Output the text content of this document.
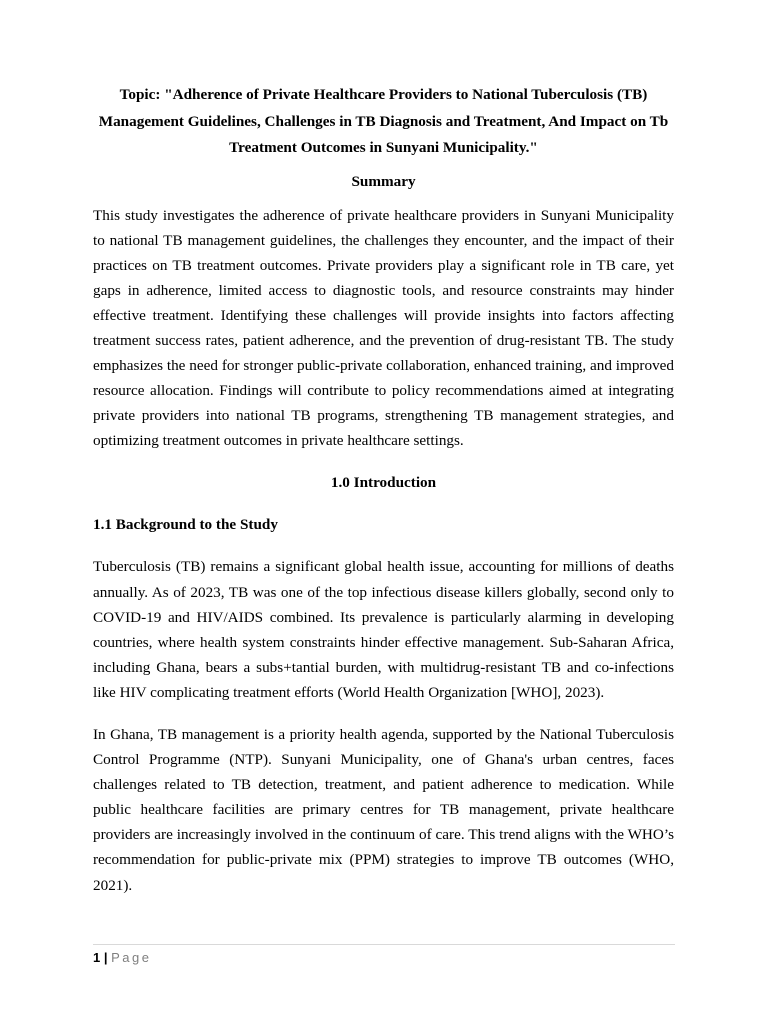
Topic: "Adherence of Private Healthcare Providers to National Tuberculosis (TB) Management Guidelines, Challenges in TB Diagnosis and Treatment, And Impact on Tb Treatment Outcomes in Sunyani Municipality."

Summary

This study investigates the adherence of private healthcare providers in Sunyani Municipality to national TB management guidelines, the challenges they encounter, and the impact of their practices on TB treatment outcomes. Private providers play a significant role in TB care, yet gaps in adherence, limited access to diagnostic tools, and resource constraints may hinder effective treatment. Identifying these challenges will provide insights into factors affecting treatment success rates, patient adherence, and the prevention of drug-resistant TB. The study emphasizes the need for stronger public-private collaboration, enhanced training, and improved resource allocation. Findings will contribute to policy recommendations aimed at integrating private providers into national TB programs, strengthening TB management strategies, and optimizing treatment outcomes in private healthcare settings.

1.0 Introduction

1.1 Background to the Study

Tuberculosis (TB) remains a significant global health issue, accounting for millions of deaths annually. As of 2023, TB was one of the top infectious disease killers globally, second only to COVID-19 and HIV/AIDS combined. Its prevalence is particularly alarming in developing countries, where health system constraints hinder effective management. Sub-Saharan Africa, including Ghana, bears a subs+tantial burden, with multidrug-resistant TB and co-infections like HIV complicating treatment efforts (World Health Organization [WHO], 2023).

In Ghana, TB management is a priority health agenda, supported by the National Tuberculosis Control Programme (NTP). Sunyani Municipality, one of Ghana's urban centres, faces challenges related to TB detection, treatment, and patient adherence to medication. While public healthcare facilities are primary centres for TB management, private healthcare providers are increasingly involved in the continuum of care. This trend aligns with the WHO’s recommendation for public-private mix (PPM) strategies to improve TB outcomes (WHO, 2021).

1 | Page
